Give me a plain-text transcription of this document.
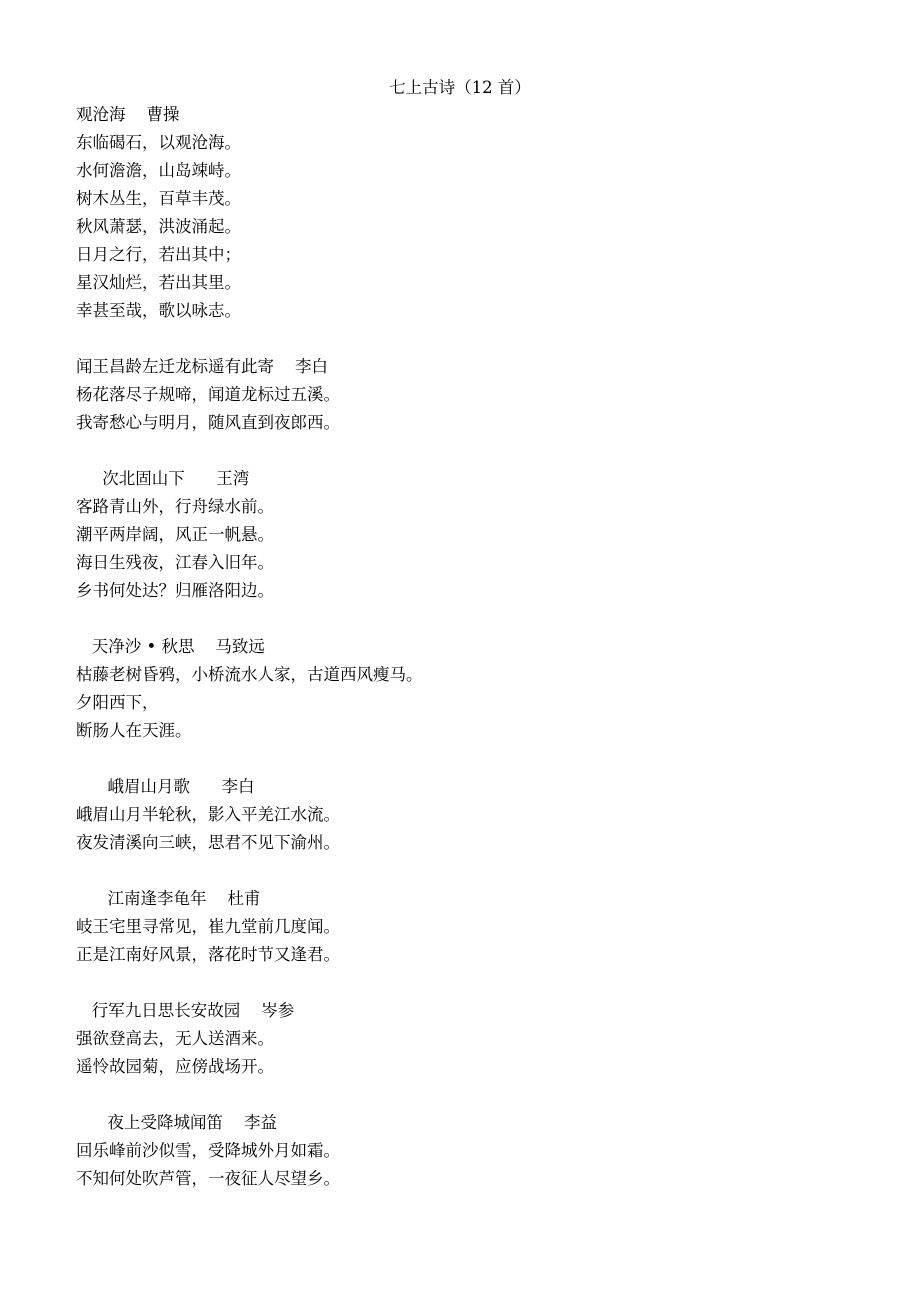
七上古诗（12 首）
观沧海    曹操
东临碣石，以观沧海。
水何澹澹，山岛竦峙。
树木丛生，百草丰茂。
秋风萧瑟，洪波涌起。
日月之行，若出其中；
星汉灿烂，若出其里。
幸甚至哉，歌以咏志。
闻王昌龄左迁龙标遥有此寄    李白
杨花落尽子规啼，闻道龙标过五溪。
我寄愁心与明月，随风直到夜郎西。
次北固山下      王湾
客路青山外，行舟绿水前。
潮平两岸阔，风正一帆悬。
海日生残夜，江春入旧年。
乡书何处达？归雁洛阳边。
天净沙 • 秋思    马致远
枯藤老树昏鸦，小桥流水人家，古道西风瘦马。
夕阳西下，
断肠人在天涯。
峨眉山月歌      李白
峨眉山月半轮秋，影入平羌江水流。
夜发清溪向三峡，思君不见下渝州。
江南逢李龟年    杜甫
岐王宅里寻常见，崔九堂前几度闻。
正是江南好风景，落花时节又逢君。
行军九日思长安故园    岑参
强欲登高去，无人送酒来。
遥怜故园菊，应傍战场开。
夜上受降城闻笛    李益
回乐峰前沙似雪，受降城外月如霜。
不知何处吹芦管，一夜征人尽望乡。
